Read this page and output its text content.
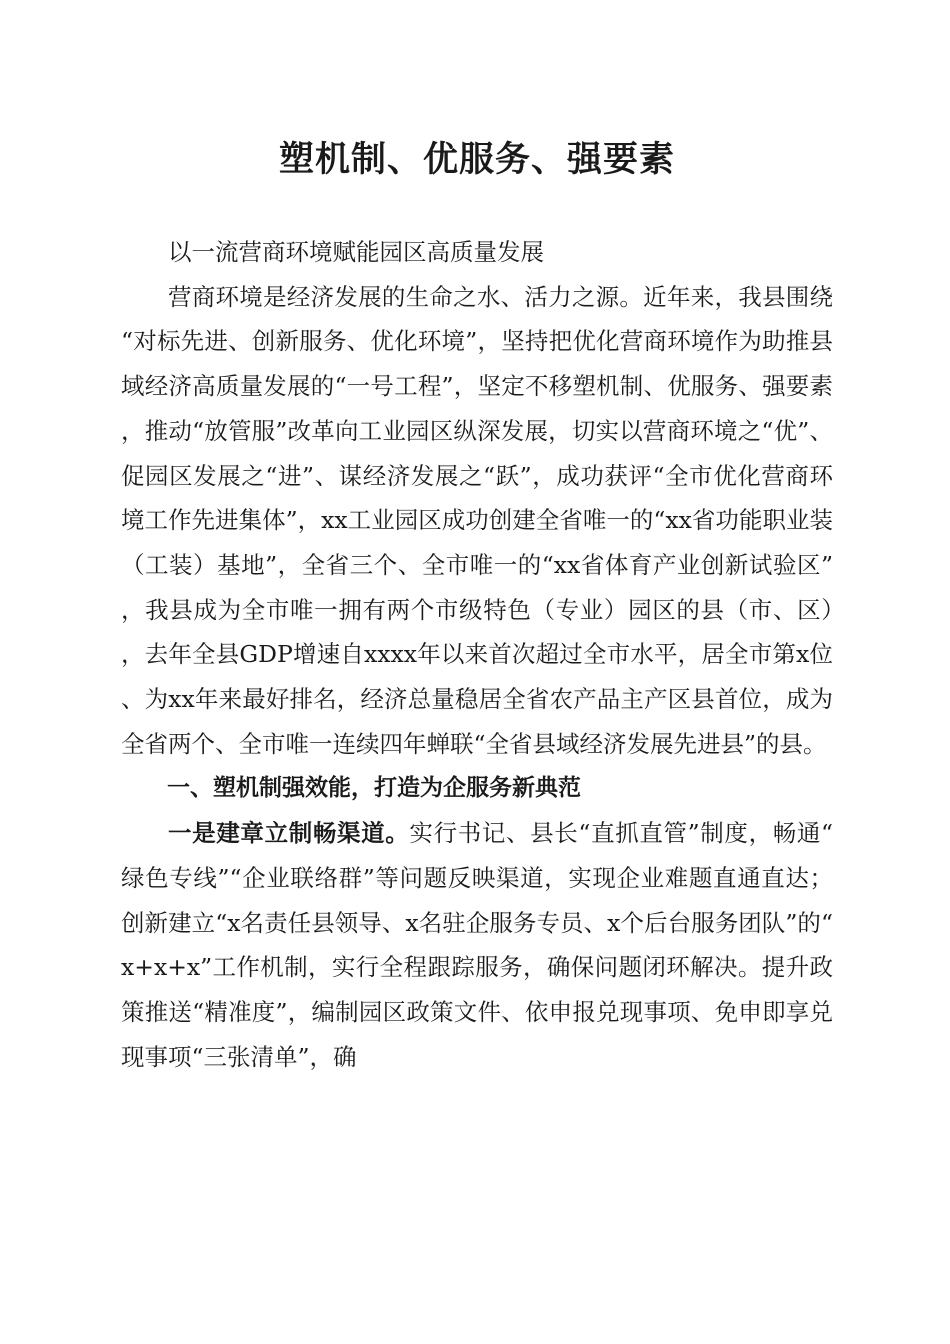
塑机制、优服务、强要素

以一流营商环境赋能园区高质量发展

营商环境是经济发展的生命之水、活力之源。近年来，我县围绕“对标先进、创新服务、优化环境”，坚持把优化营商环境作为助推县域经济高质量发展的“一号工程”，坚定不移塑机制、优服务、强要素，推动“放管服”改革向工业园区纵深发展，切实以营商环境之“优”、促园区发展之“进”、谋经济发展之“跃”，成功获评“全市优化营商环境工作先进集体”，xx工业园区成功创建全省唯一的“xx省功能职业装（工装）基地”，全省三个、全市唯一的“xx省体育产业创新试验区”，我县成为全市唯一拥有两个市级特色（专业）园区的县（市、区），去年全县GDP增速自xxxx年以来首次超过全市水平，居全市第x位、为xx年来最好排名，经济总量稳居全省农产品主产区县首位，成为全省两个、全市唯一连续四年蝉联“全省县域经济发展先进县”的县。

一、塑机制强效能，打造为企服务新典范

一是建章立制畅渠道。实行书记、县长“直抓直管”制度，畅通“绿色专线”“企业联络群”等问题反映渠道，实现企业难题直通直达；创新建立“x名责任县领导、x名驻企服务专员、x个后台服务团队”的“x+x+x”工作机制，实行全程跟踪服务，确保问题闭环解决。提升政策推送“精准度”，编制园区政策文件、依申报兑现事项、免申即享兑现事项“三张清单”，确
